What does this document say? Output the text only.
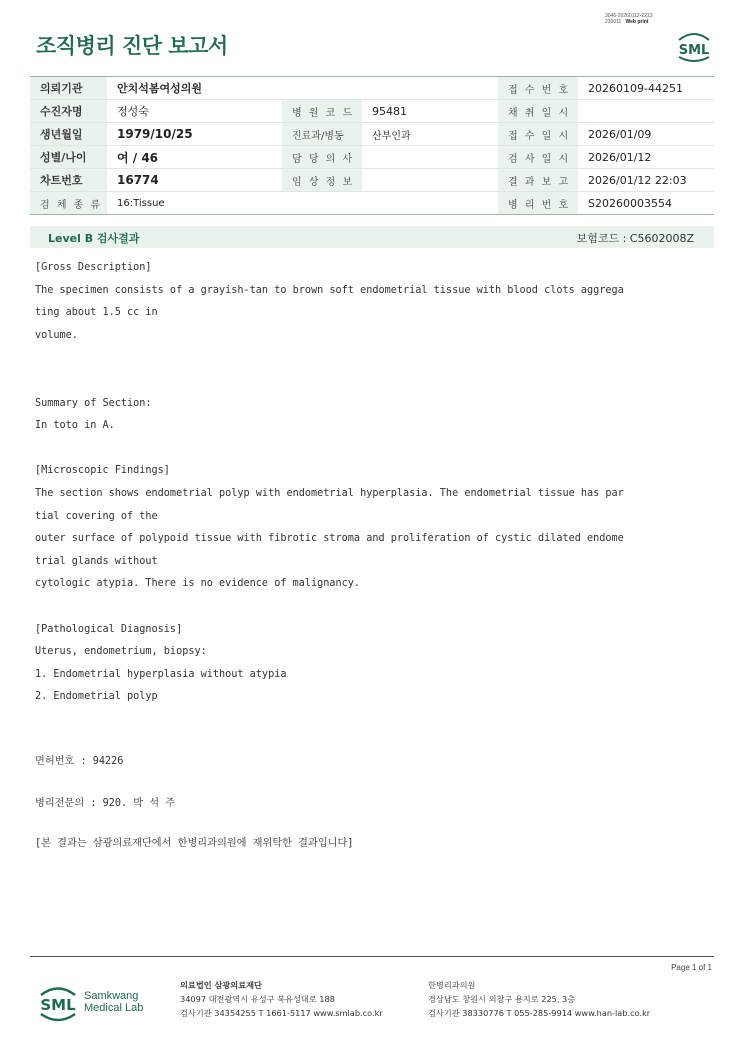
3046-20260112-2213
230011 Web print
조직병리 진단 보고서	SML
의뢰기관	안치석봄여성의원			접 수 번 호	20260109-44251
수진자명	정성숙	병 원 코 드	95481	채 취 일 시	
생년월일	1979/10/25	진료과/병동	산부인과	접 수 일 시	2026/01/09
성별/나이	여 / 46	담 당 의 사		검 사 일 시	2026/01/12
차트번호	16774	임 상 정 보		결 과 보 고	2026/01/12 22:03
검 체 종 류	16:Tissue			병 리 번 호	S20260003554
Level B 검사결과	보험코드 : C5602008Z
[Gross Description]
The specimen consists of a grayish-tan to brown soft endometrial tissue with blood clots aggrega
ting about 1.5 cc in
volume.
Summary of Section:
In toto in A.
[Microscopic Findings]
The section shows endometrial polyp with endometrial hyperplasia. The endometrial tissue has par
tial covering of the
outer surface of polypoid tissue with fibrotic stroma and proliferation of cystic dilated endome
trial glands without
cytologic atypia. There is no evidence of malignancy.
[Pathological Diagnosis]
Uterus, endometrium, biopsy:
1. Endometrial hyperplasia without atypia
2. Endometrial polyp
면허번호 : 94226
병리전문의 : 920. 박 석 주
[본 결과는 삼광의료재단에서 한병리과의원에 재위탁한 결과입니다]
Page 1 of 1
SML Samkwang
Medical Lab
의료법인 삼광의료재단
34097 대전광역시 유성구 북유성대로 188
검사기관 34354255 T 1661-5117 www.smlab.co.kr
한병리과의원
경상남도 창원시 의창구 용지로 225, 3층
검사기관 38330776 T 055-285-9914 www.han-lab.co.kr
